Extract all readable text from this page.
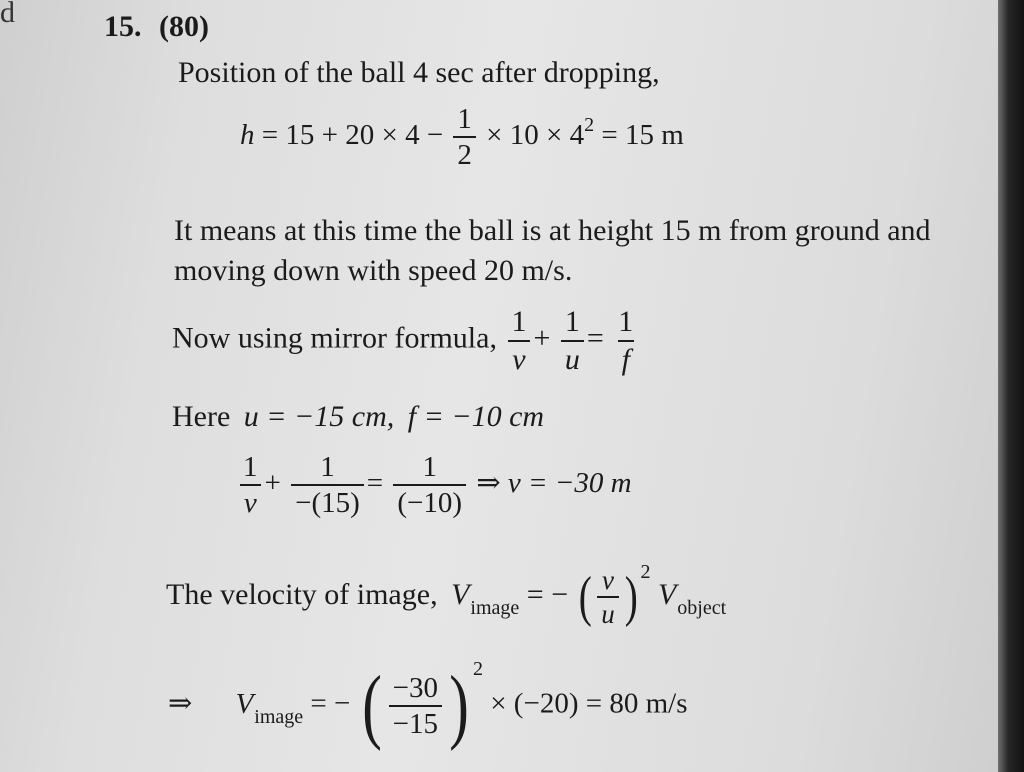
d	15. (80)
Position of the ball 4 sec after dropping,
$h = 15 + 20 \times 4 - \frac{1}{2} \times 10 \times 4^2 = 15$ m
It means at this time the ball is at height 15 m from ground and
moving down with speed 20 m/s.
Now using mirror formula, $\frac{1}{v} + \frac{1}{u} = \frac{1}{f}$
Here u = −15 cm, f = −10 cm
$\frac{1}{v} + \frac{1}{-(15)} = \frac{1}{(-10)}$ ⇒ v = −30 m
The velocity of image, $V_{image}$ = − ( $\frac{v}{u}$ ) $^2$ $V_{object}$
⇒ $V_{image}$ = − ( $\frac{-30}{-15}$ ) $^2$ × (−20) = 80 m/s
